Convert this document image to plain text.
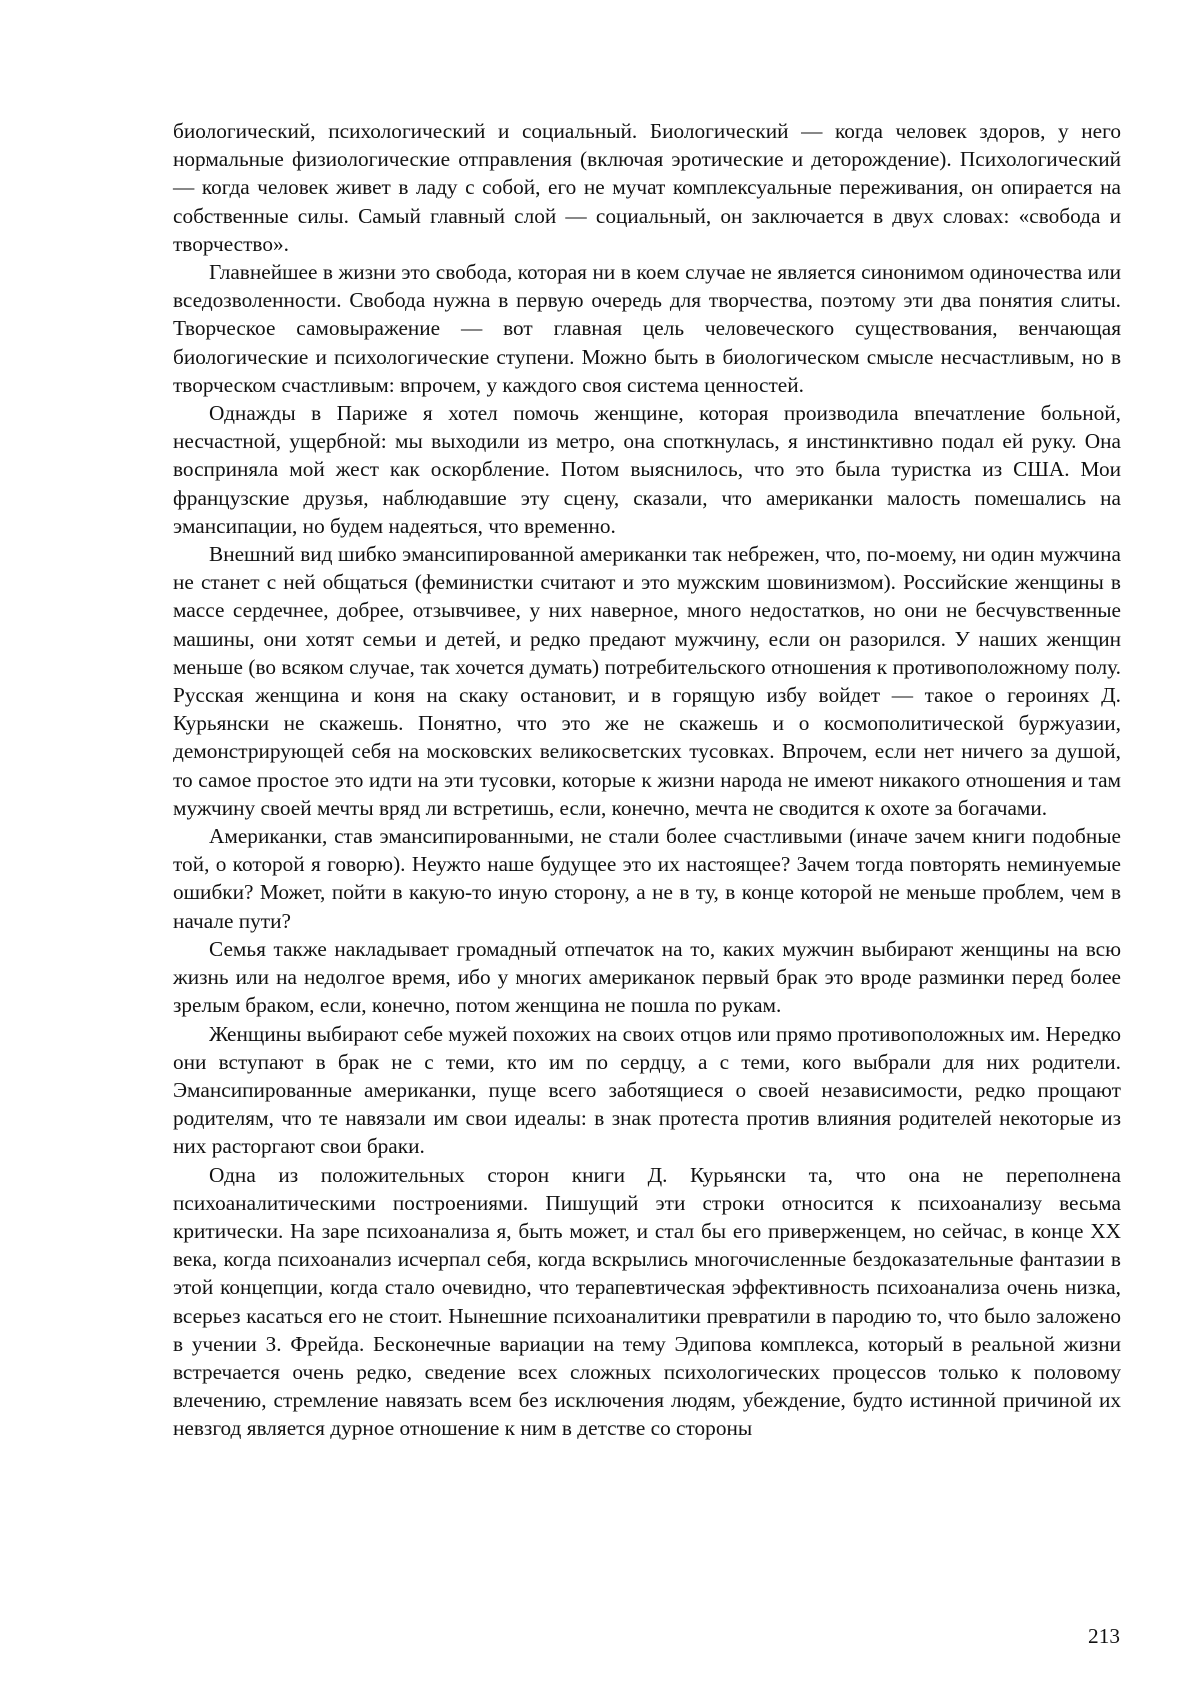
биологический, психологический и социальный. Биологический — когда человек здоров, у него нормальные физиологические отправления (включая эротические и деторождение). Психологический — когда человек живет в ладу с собой, его не мучат комплексуальные переживания, он опирается на собственные силы. Самый главный слой — социальный, он заключается в двух словах: «свобода и творчество».

Главнейшее в жизни это свобода, которая ни в коем случае не является синонимом одиночества или вседозволенности. Свобода нужна в первую очередь для творчества, поэтому эти два понятия слиты. Творческое самовыражение — вот главная цель человеческого существования, венчающая биологические и психологические ступени. Можно быть в биологическом смысле несчастливым, но в творческом счастливым: впрочем, у каждого своя система ценностей.

Однажды в Париже я хотел помочь женщине, которая производила впечатление больной, несчастной, ущербной: мы выходили из метро, она споткнулась, я инстинктивно подал ей руку. Она восприняла мой жест как оскорбление. Потом выяснилось, что это была туристка из США. Мои французские друзья, наблюдавшие эту сцену, сказали, что американки малость помешались на эмансипации, но будем надеяться, что временно.

Внешний вид шибко эмансипированной американки так небрежен, что, по-моему, ни один мужчина не станет с ней общаться (феминистки считают и это мужским шовинизмом). Российские женщины в массе сердечнее, добрее, отзывчивее, у них наверное, много недостатков, но они не бесчувственные машины, они хотят семьи и детей, и редко предают мужчину, если он разорился. У наших женщин меньше (во всяком случае, так хочется думать) потребительского отношения к противоположному полу. Русская женщина и коня на скаку остановит, и в горящую избу войдет — такое о героинях Д. Курьянски не скажешь. Понятно, что это же не скажешь и о космополитической буржуазии, демонстрирующей себя на московских великосветских тусовках. Впрочем, если нет ничего за душой, то самое простое это идти на эти тусовки, которые к жизни народа не имеют никакого отношения и там мужчину своей мечты вряд ли встретишь, если, конечно, мечта не сводится к охоте за богачами.

Американки, став эмансипированными, не стали более счастливыми (иначе зачем книги подобные той, о которой я говорю). Неужто наше будущее это их настоящее? Зачем тогда повторять неминуемые ошибки? Может, пойти в какую-то иную сторону, а не в ту, в конце которой не меньше проблем, чем в начале пути?

Семья также накладывает громадный отпечаток на то, каких мужчин выбирают женщины на всю жизнь или на недолгое время, ибо у многих американок первый брак это вроде разминки перед более зрелым браком, если, конечно, потом женщина не пошла по рукам.

Женщины выбирают себе мужей похожих на своих отцов или прямо противоположных им. Нередко они вступают в брак не с теми, кто им по сердцу, а с теми, кого выбрали для них родители. Эмансипированные американки, пуще всего заботящиеся о своей независимости, редко прощают родителям, что те навязали им свои идеалы: в знак протеста против влияния родителей некоторые из них расторгают свои браки.

Одна из положительных сторон книги Д. Курьянски та, что она не переполнена психоаналитическими построениями. Пишущий эти строки относится к психоанализу весьма критически. На заре психоанализа я, быть может, и стал бы его приверженцем, но сейчас, в конце XX века, когда психоанализ исчерпал себя, когда вскрылись многочисленные бездоказательные фантазии в этой концепции, когда стало очевидно, что терапевтическая эффективность психоанализа очень низка, всерьез касаться его не стоит. Нынешние психоаналитики превратили в пародию то, что было заложено в учении З. Фрейда. Бесконечные вариации на тему Эдипова комплекса, который в реальной жизни встречается очень редко, сведение всех сложных психологических процессов только к половому влечению, стремление навязать всем без исключения людям, убеждение, будто истинной причиной их невзгод является дурное отношение к ним в детстве со стороны

213
